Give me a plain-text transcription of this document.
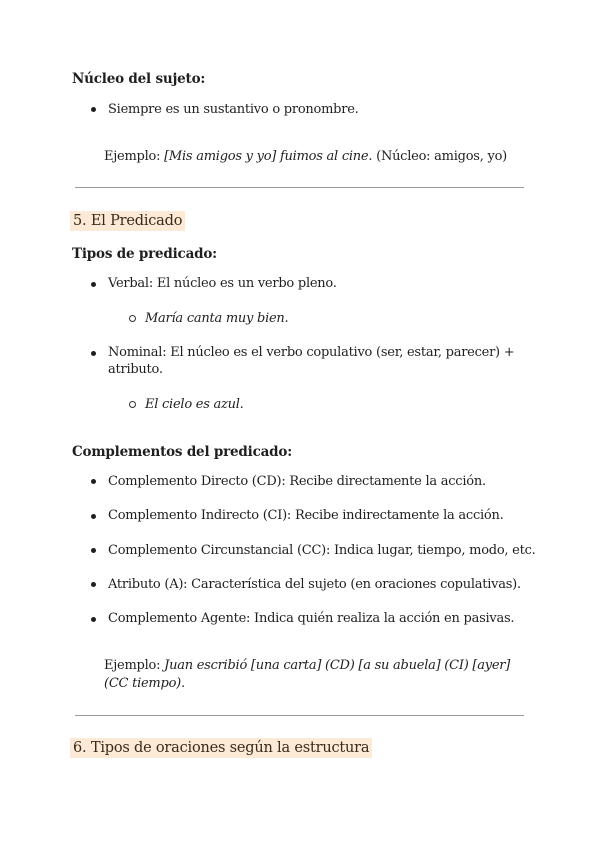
Núcleo del sujeto:
Siempre es un sustantivo o pronombre.
Ejemplo: [Mis amigos y yo] fuimos al cine. (Núcleo: amigos, yo)
5. El Predicado
Tipos de predicado:
Verbal: El núcleo es un verbo pleno.
María canta muy bien.
Nominal: El núcleo es el verbo copulativo (ser, estar, parecer) +
atributo.
El cielo es azul.
Complementos del predicado:
Complemento Directo (CD): Recibe directamente la acción.
Complemento Indirecto (CI): Recibe indirectamente la acción.
Complemento Circunstancial (CC): Indica lugar, tiempo, modo, etc.
Atributo (A): Característica del sujeto (en oraciones copulativas).
Complemento Agente: Indica quién realiza la acción en pasivas.
Ejemplo: Juan escribió [una carta] (CD) [a su abuela] (CI) [ayer]
(CC tiempo).
6. Tipos de oraciones según la estructura
